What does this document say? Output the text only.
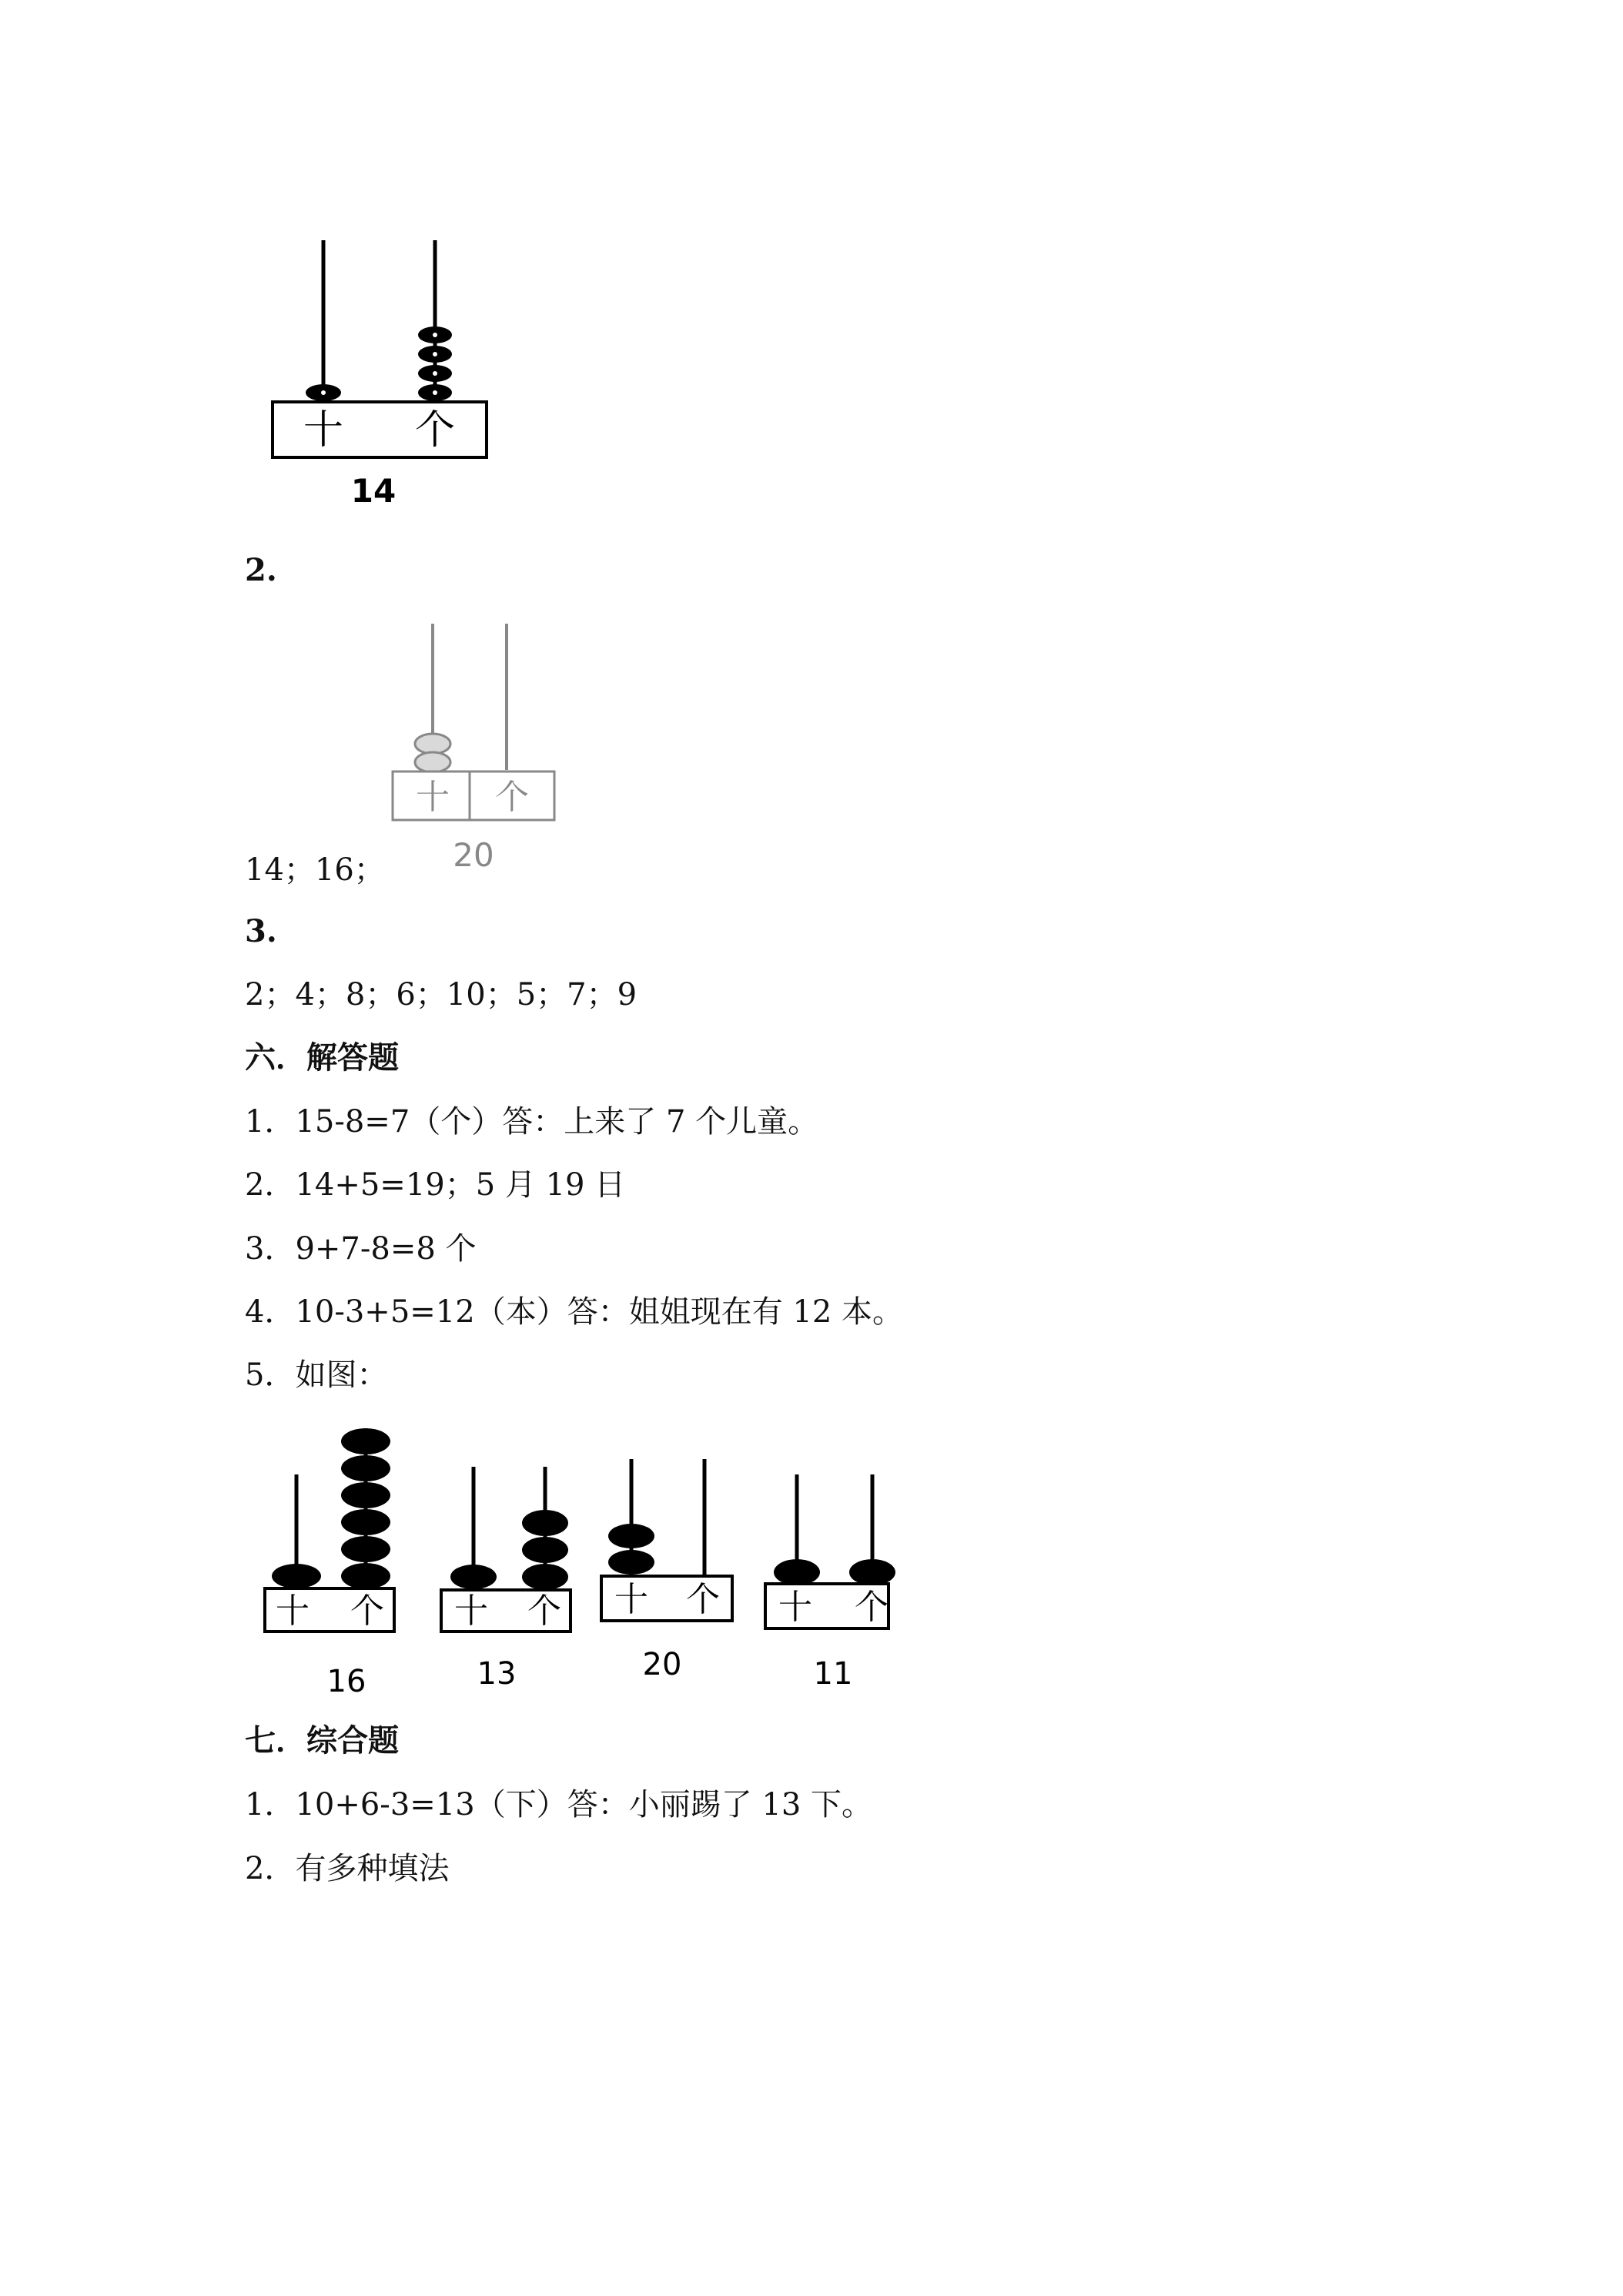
十 个
14
2.
十 个
20
14；16；
3.
2；4；8；6；10；5；7；9
六．解答题
1．15-8=7（个）答：上来了 7 个儿童。
2．14+5=19；5 月 19 日
3．9+7-8=8 个
4．10-3+5=12（本）答：姐姐现在有 12 本。
5．如图：
十 个
16
十 个
13
十 个
20
十 个
11
七．综合题
1．10+6-3=13（下）答：小丽踢了 13 下。
2．有多种填法
